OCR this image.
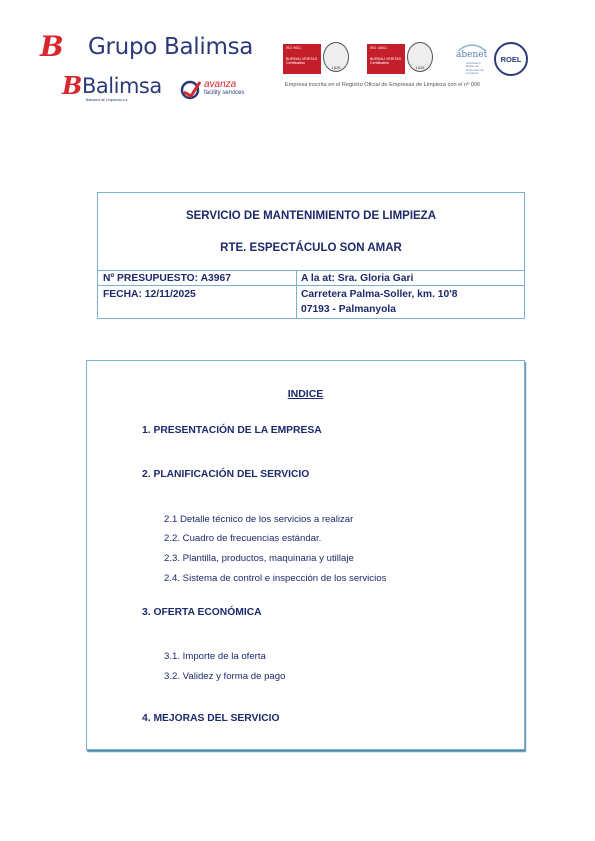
B Grupo Balimsa
B Balimsa
Balearea de Limpiezas s.a.
avanza
facility services
ISO 9001
BUREAU VERITAS
Certification
1828
ISO 14001
BUREAU VERITAS
Certification
1828
abenet
Asociación Balear de Empresas de Limpieza
ROEL
Empresa inscrita en el Registro Oficial de Empresas de Limpieza con el nº 006
SERVICIO DE MANTENIMIENTO DE LIMPIEZA
RTE. ESPECTÁCULO SON AMAR
Nº PRESUPUESTO: A3967
FECHA: 12/11/2025
A la at: Sra. Gloria Gari
Carretera Palma-Soller, km. 10'8
07193 - Palmanyola
INDICE
1. PRESENTACIÓN DE LA EMPRESA
2. PLANIFICACIÓN DEL SERVICIO
2.1 Detalle técnico de los servicios a realizar
2.2. Cuadro de frecuencias estándar.
2.3. Plantilla, productos, maquinaria y utillaje
2.4. Sistema de control e inspección de los servicios
3. OFERTA ECONÓMICA
3.1. Importe de la oferta
3.2. Validez y forma de pago
4. MEJORAS DEL SERVICIO
